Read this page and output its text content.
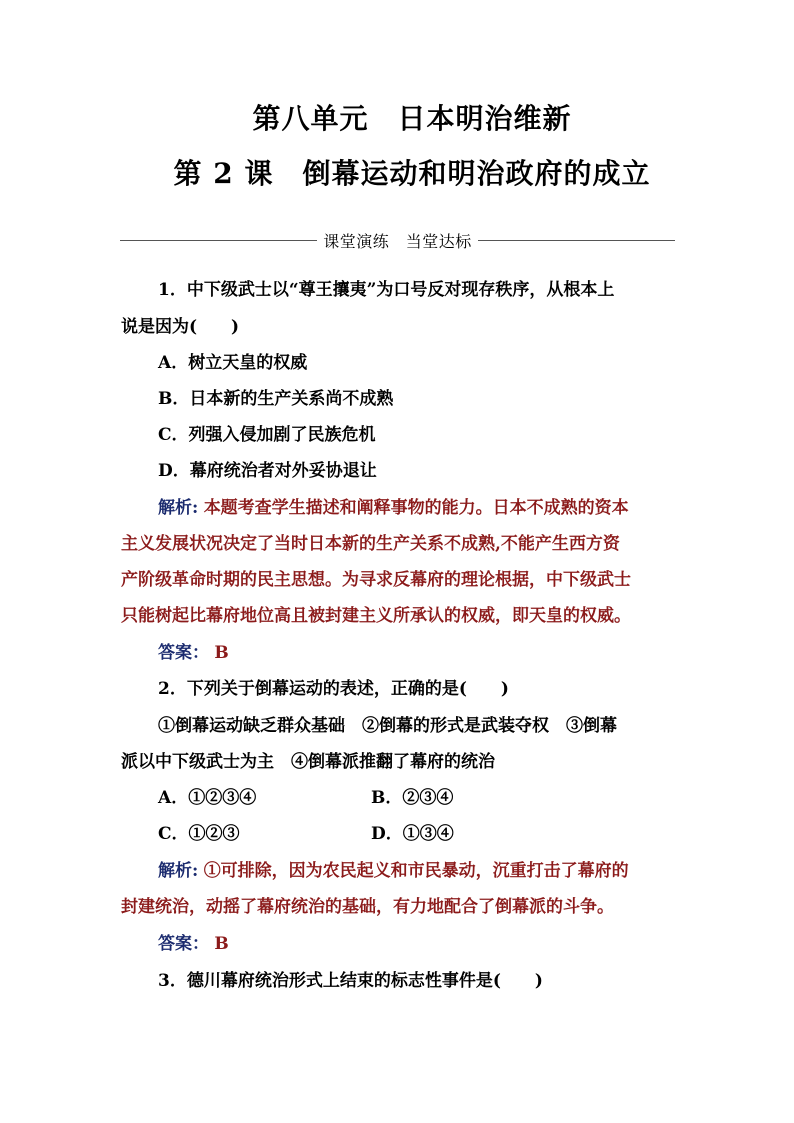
第八单元　日本明治维新
第 2 课　倒幕运动和明治政府的成立
课堂演练　当堂达标
1．中下级武士以“尊王攘夷”为口号反对现存秩序，从根本上
说是因为(　　)
A．树立天皇的权威
B．日本新的生产关系尚不成熟
C．列强入侵加剧了民族危机
D．幕府统治者对外妥协退让
解析: 本题考查学生描述和阐释事物的能力。日本不成熟的资本
主义发展状况决定了当时日本新的生产关系不成熟,不能产生西方资
产阶级革命时期的民主思想。为寻求反幕府的理论根据，中下级武士
只能树起比幕府地位高且被封建主义所承认的权威，即天皇的权威。
答案： B
2．下列关于倒幕运动的表述，正确的是(　　)
①倒幕运动缺乏群众基础　②倒幕的形式是武装夺权　③倒幕
派以中下级武士为主　④倒幕派推翻了幕府的统治
A．①②③④	B．②③④
C．①②③	D．①③④
解析: ①可排除，因为农民起义和市民暴动，沉重打击了幕府的
封建统治，动摇了幕府统治的基础，有力地配合了倒幕派的斗争。
答案： B
3．德川幕府统治形式上结束的标志性事件是(　　)
